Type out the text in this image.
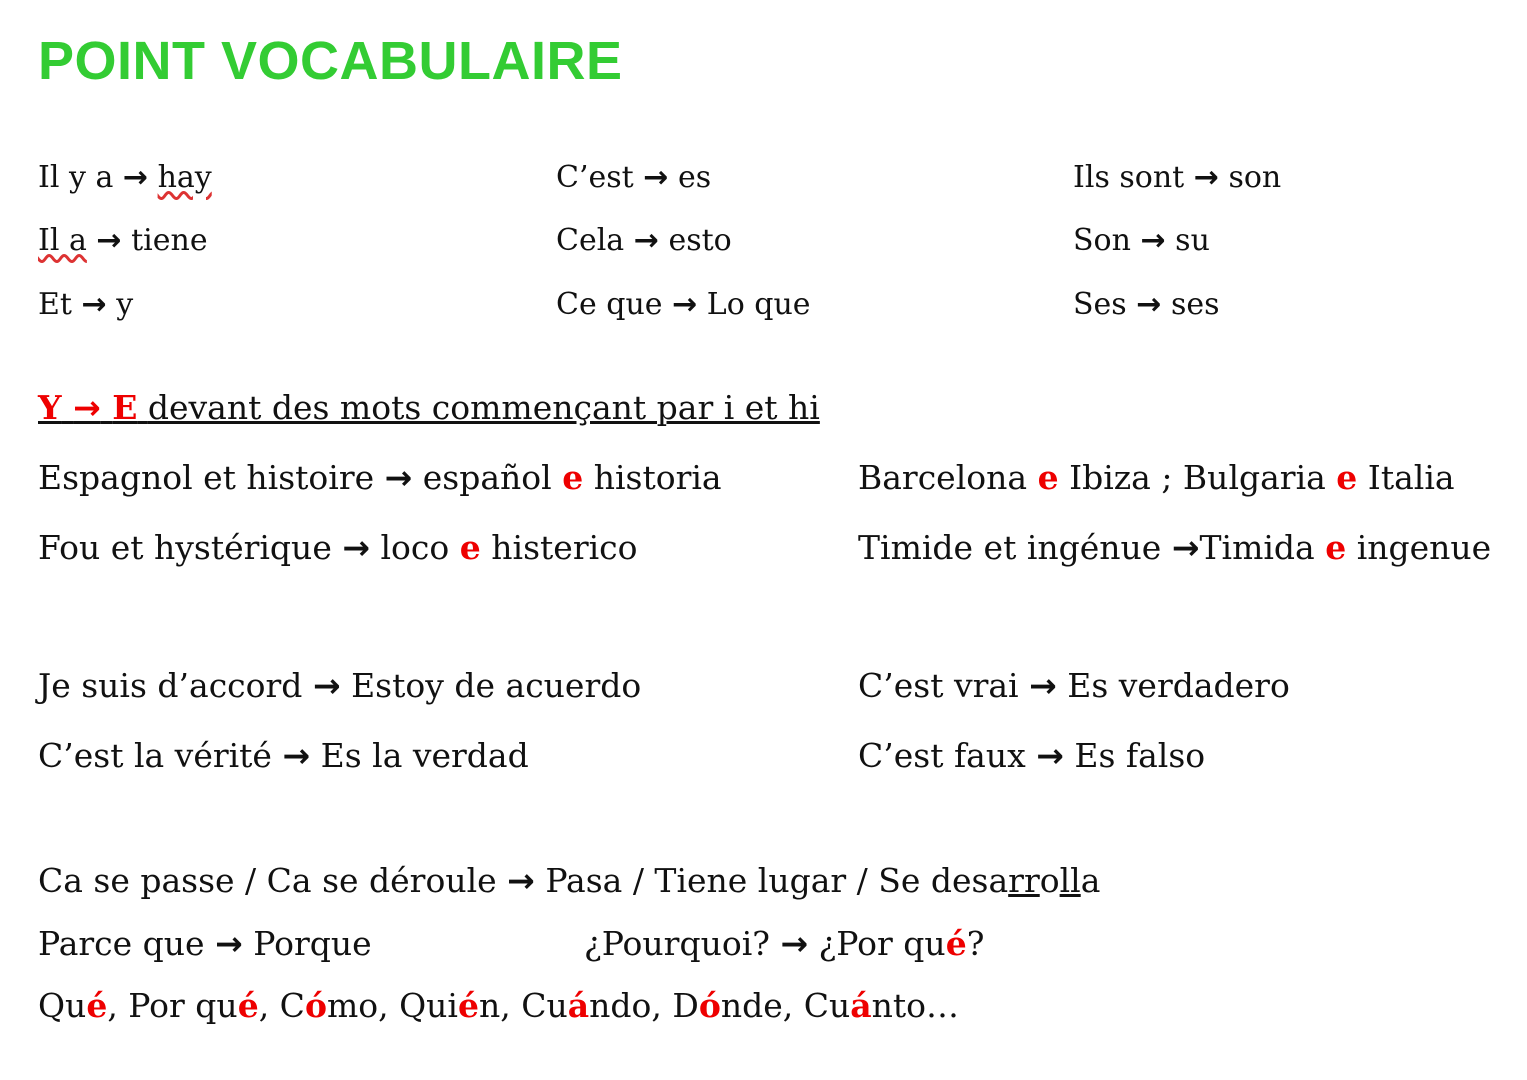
POINT VOCABULAIRE
Il y a → hay	C’est → es	Ils sont → son
Il a → tiene	Cela → esto	Son → su
Et → y	Ce que → Lo que	Ses → ses
Y → E devant des mots commençant par i et hi
Espagnol et histoire → español e historia	Barcelona e Ibiza ; Bulgaria e Italia
Fou et hystérique → loco e histerico	Timide et ingénue →Timida e ingenue
Je suis d’accord → Estoy de acuerdo	C’est vrai → Es verdadero
C’est la vérité → Es la verdad	C’est faux → Es falso
Ca se passe / Ca se déroule → Pasa / Tiene lugar / Se desarrolla
Parce que → Porque	¿Pourquoi? → ¿Por qué?
Qué, Por qué, Cómo, Quién, Cuándo, Dónde, Cuánto…
